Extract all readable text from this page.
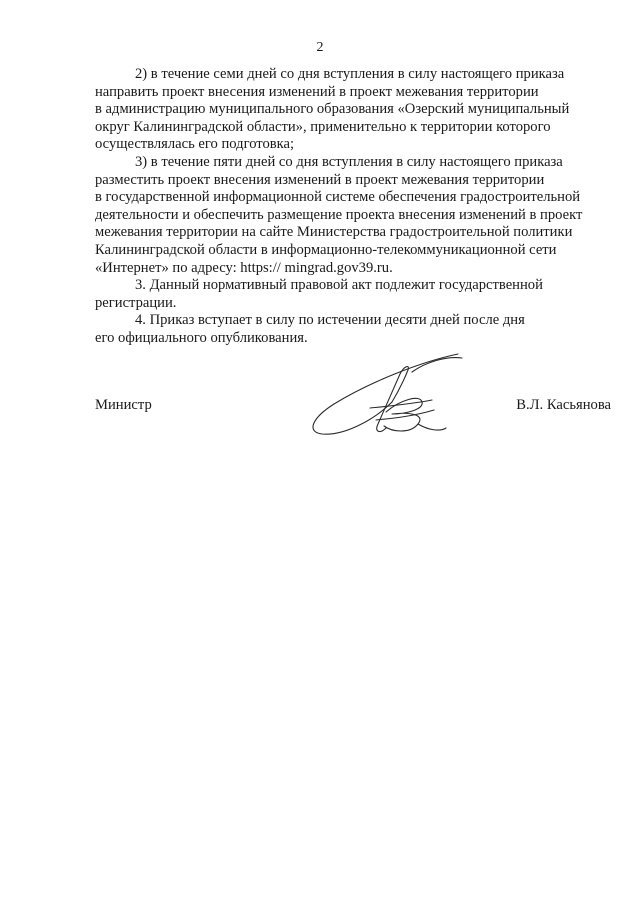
2

2) в течение семи дней со дня вступления в силу настоящего приказа
направить проект внесения изменений в проект межевания территории
в администрацию муниципального образования «Озерский муниципальный
округ Калининградской области», применительно к территории которого
осуществлялась его подготовка;

3) в течение пяти дней со дня вступления в силу настоящего приказа
разместить проект внесения изменений в проект межевания территории
в государственной информационной системе обеспечения градостроительной
деятельности и обеспечить размещение проекта внесения изменений в проект
межевания территории на сайте Министерства градостроительной политики
Калининградской области в информационно-телекоммуникационной сети
«Интернет» по адресу: https:// mingrad.gov39.ru.

3. Данный нормативный правовой акт подлежит государственной
регистрации.

4. Приказ вступает в силу по истечении десяти дней после дня
его официального опубликования.

Министр	В.Л. Касьянова
